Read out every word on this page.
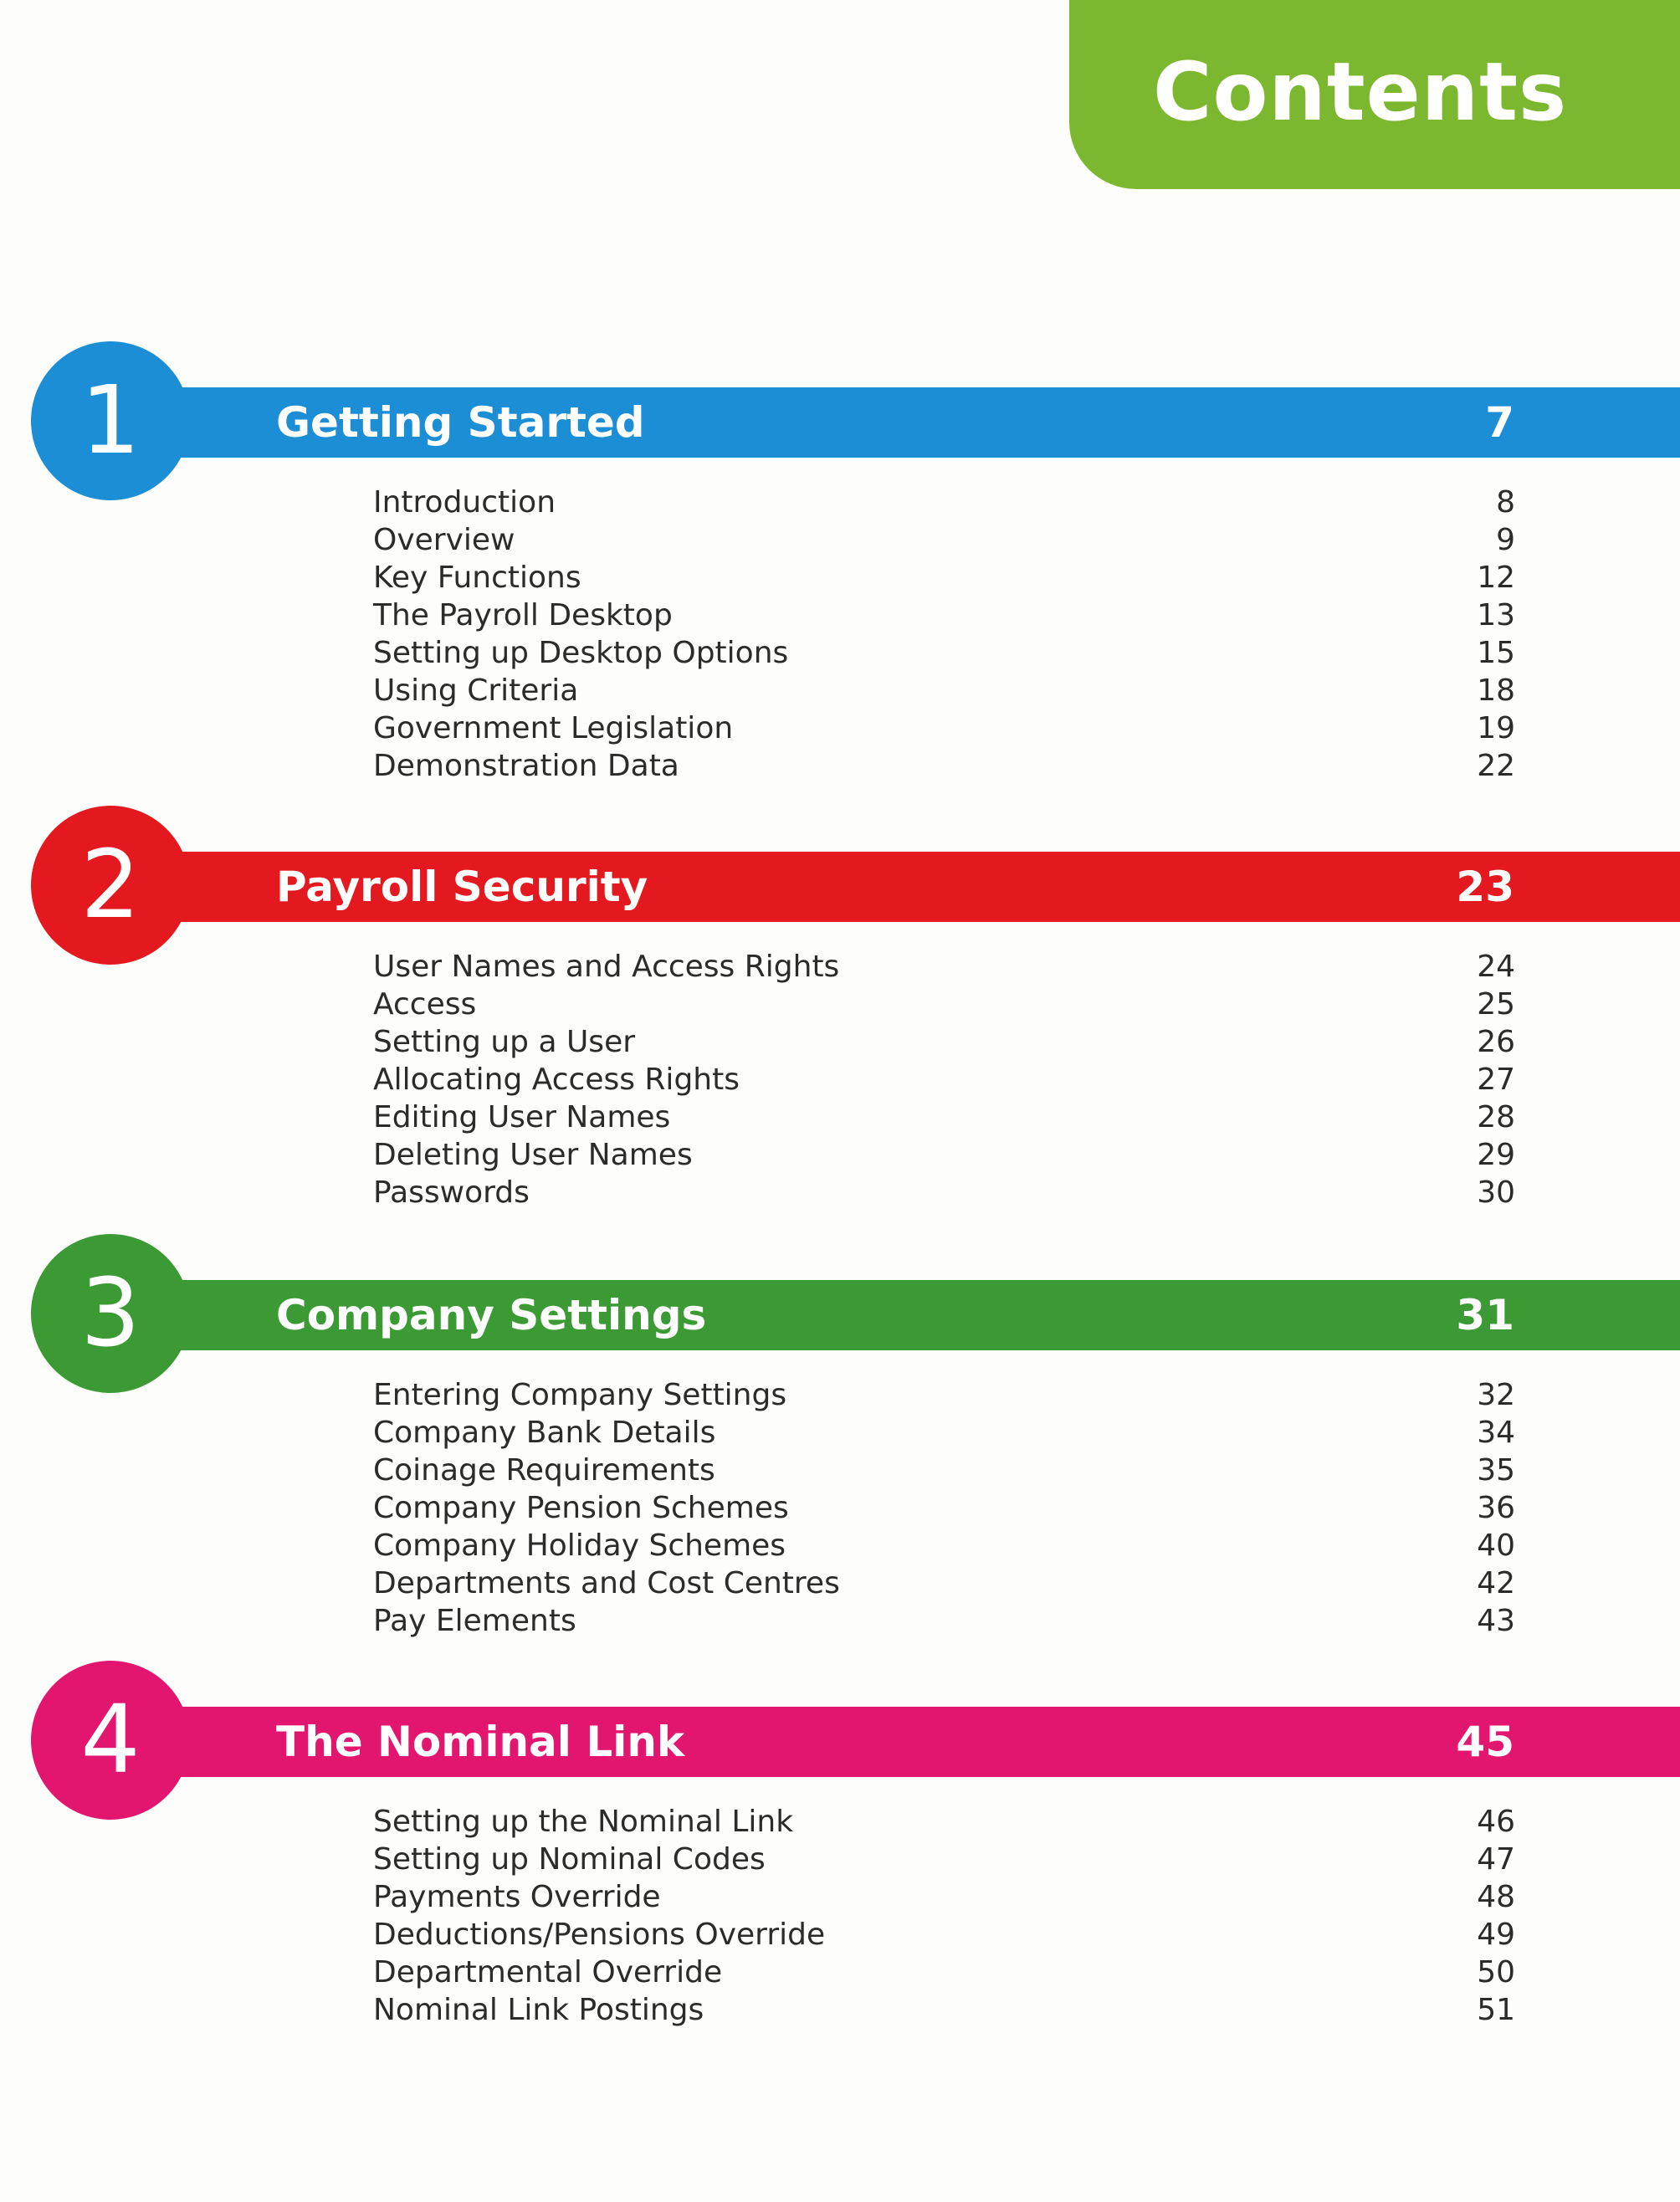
Contents
1	Getting Started	7
Introduction	8
Overview	9
Key Functions	12
The Payroll Desktop	13
Setting up Desktop Options	15
Using Criteria	18
Government Legislation	19
Demonstration Data	22
2	Payroll Security	23
User Names and Access Rights	24
Access	25
Setting up a User	26
Allocating Access Rights	27
Editing User Names	28
Deleting User Names	29
Passwords	30
3	Company Settings	31
Entering Company Settings	32
Company Bank Details	34
Coinage Requirements	35
Company Pension Schemes	36
Company Holiday Schemes	40
Departments and Cost Centres	42
Pay Elements	43
4	The Nominal Link	45
Setting up the Nominal Link	46
Setting up Nominal Codes	47
Payments Override	48
Deductions/Pensions Override	49
Departmental Override	50
Nominal Link Postings	51
